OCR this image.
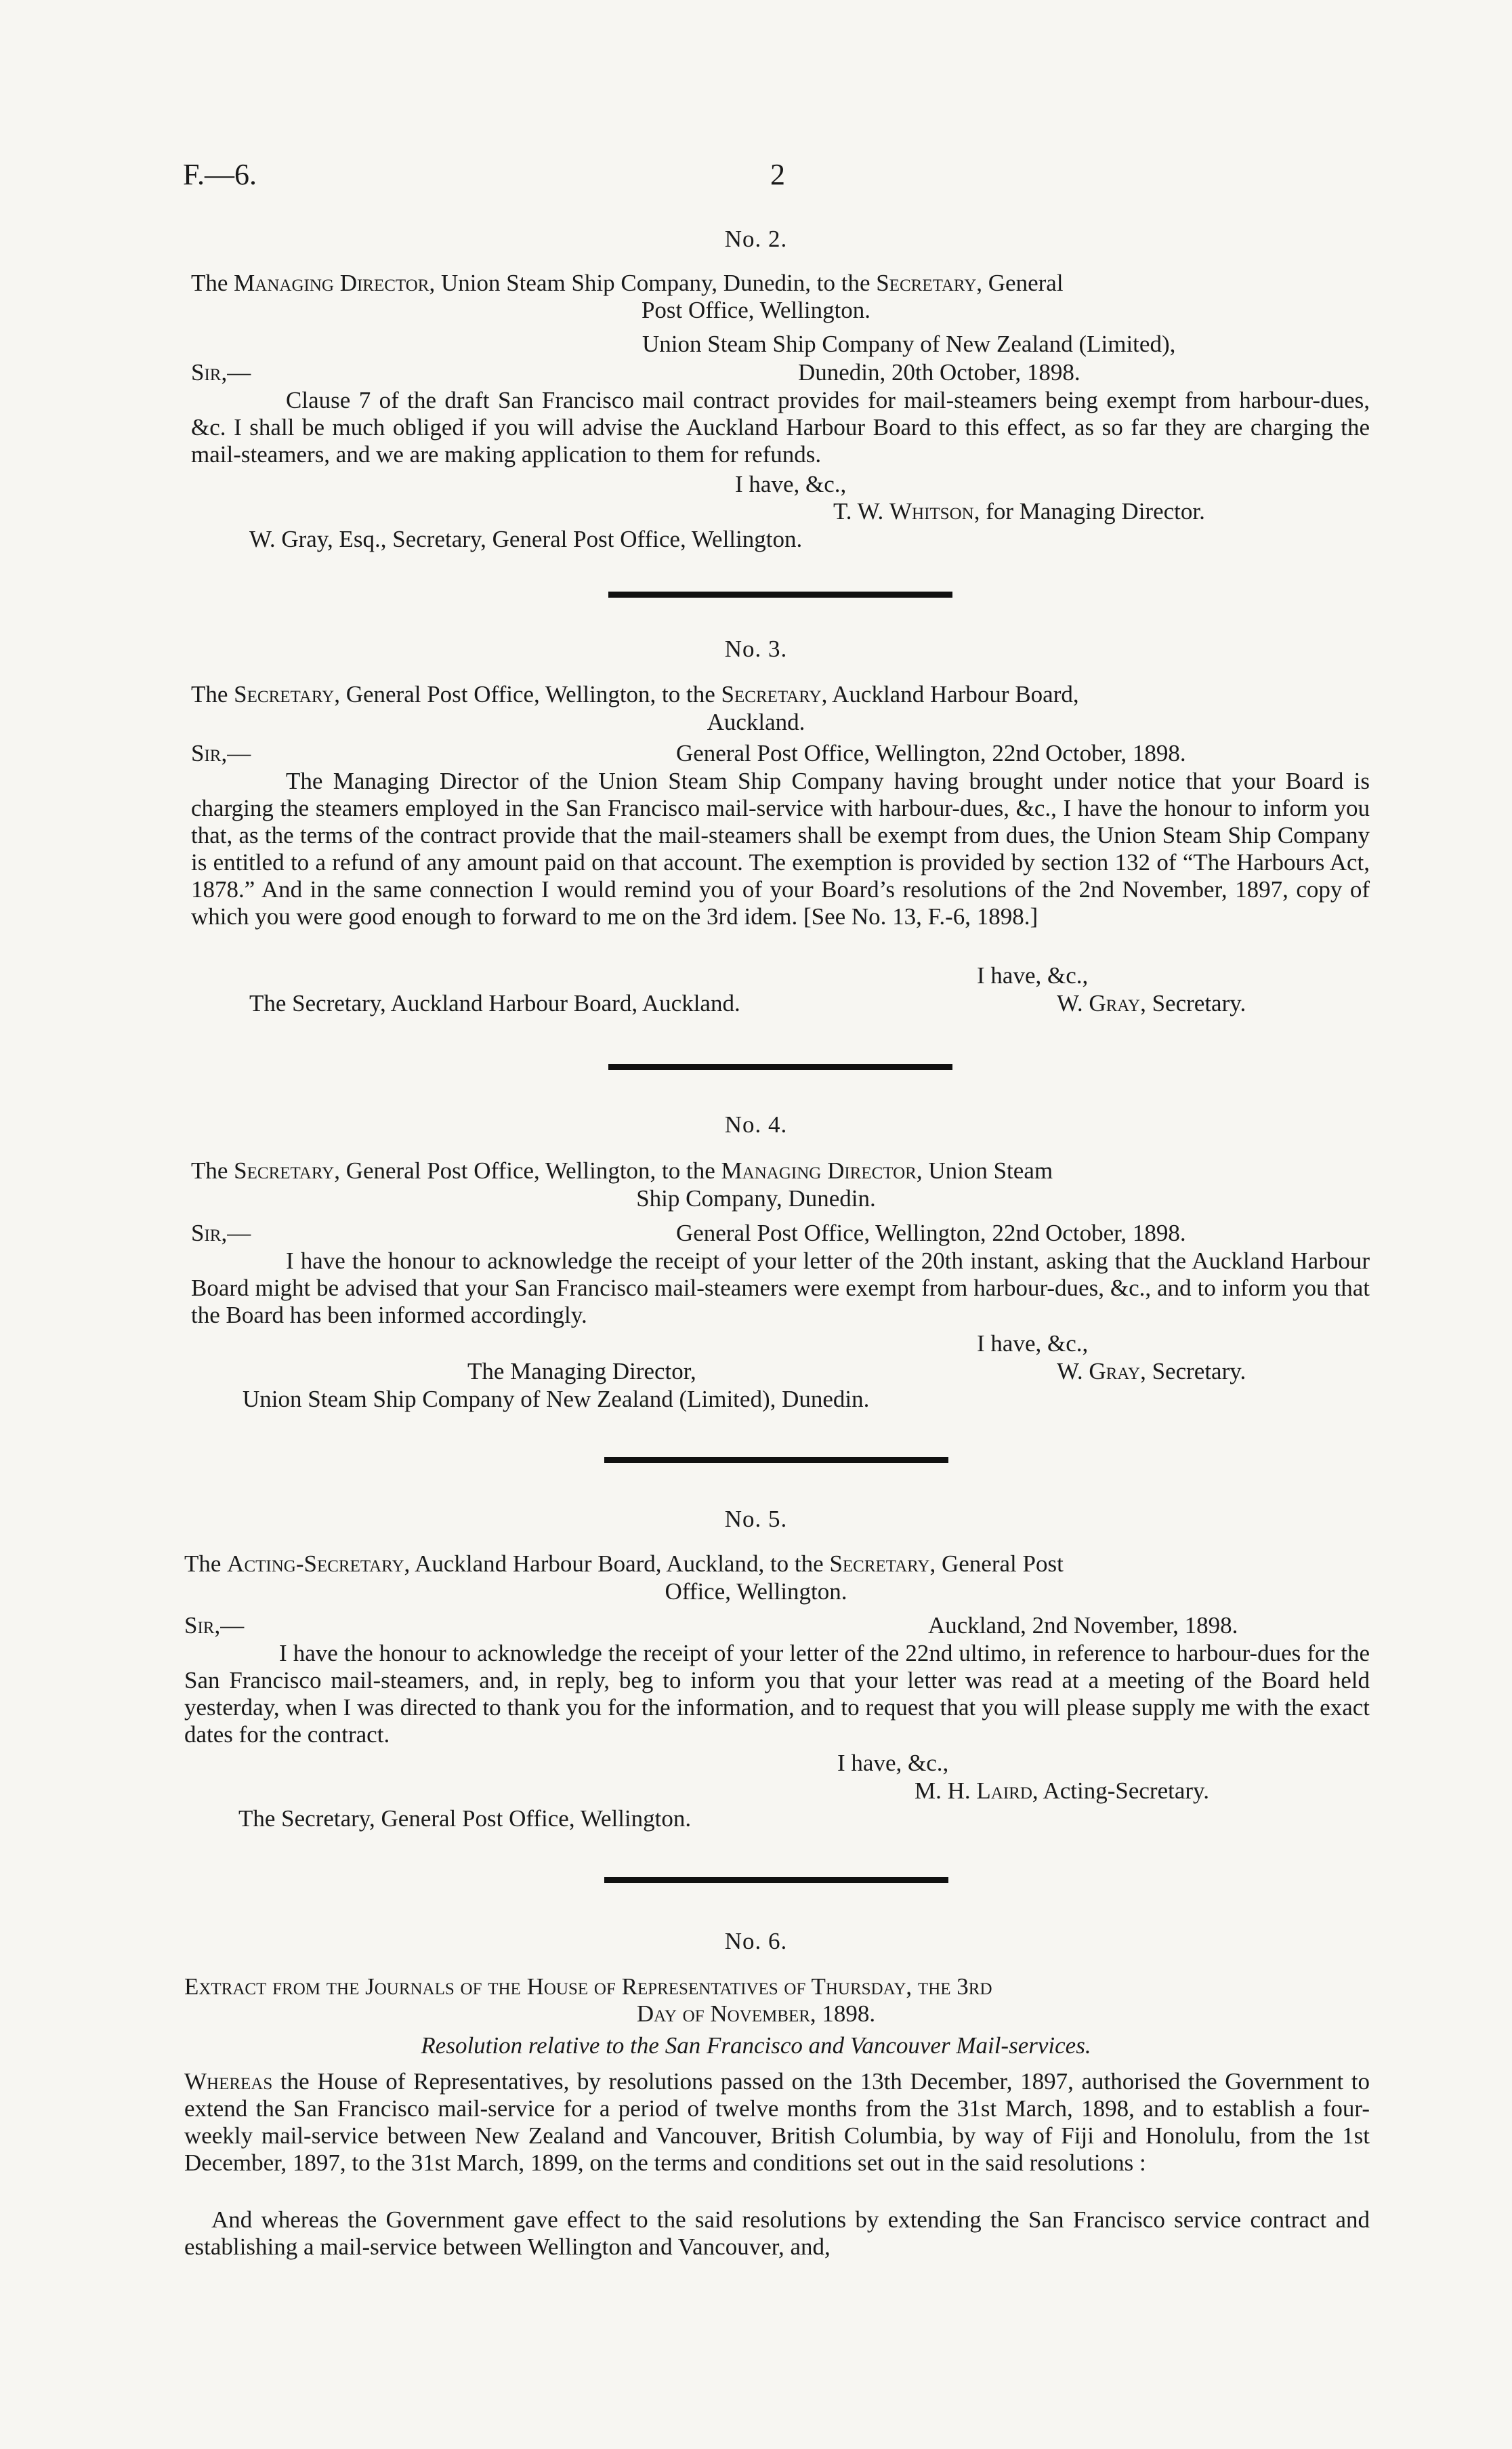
F.—6.	2
No. 2.

The Managing Director, Union Steam Ship Company, Dunedin, to the Secretary, General

Post Office, Wellington.
Union Steam Ship Company of New Zealand (Limited),
Sir,—	Dunedin, 20th October, 1898.

Clause 7 of the draft San Francisco mail contract provides for mail-steamers being exempt from harbour-dues, &c. I shall be much obliged if you will advise the Auckland Harbour Board to this effect, as so far they are charging the mail-steamers, and we are making application to them for refunds.

I have, &c.,
T. W. Whitson, for Managing Director.
W. Gray, Esq., Secretary, General Post Office, Wellington.
No. 3.

The Secretary, General Post Office, Wellington, to the Secretary, Auckland Harbour Board,

Auckland.
Sir,—	General Post Office, Wellington, 22nd October, 1898.

The Managing Director of the Union Steam Ship Company having brought under notice that your Board is charging the steamers employed in the San Francisco mail-service with harbour-dues, &c., I have the honour to inform you that, as the terms of the contract provide that the mail-steamers shall be exempt from dues, the Union Steam Ship Company is entitled to a refund of any amount paid on that account. The exemption is provided by section 132 of “The Harbours Act, 1878.” And in the same connection I would remind you of your Board’s resolutions of the 2nd November, 1897, copy of which you were good enough to forward to me on the 3rd idem. [See No. 13, F.-6, 1898.]

I have, &c.,
The Secretary, Auckland Harbour Board, Auckland.	W. Gray, Secretary.
No. 4.

The Secretary, General Post Office, Wellington, to the Managing Director, Union Steam

Ship Company, Dunedin.
Sir,—	General Post Office, Wellington, 22nd October, 1898.

I have the honour to acknowledge the receipt of your letter of the 20th instant, asking that the Auckland Harbour Board might be advised that your San Francisco mail-steamers were exempt from harbour-dues, &c., and to inform you that the Board has been informed accordingly.

I have, &c.,
The Managing Director,	W. Gray, Secretary.
Union Steam Ship Company of New Zealand (Limited), Dunedin.
No. 5.

The Acting-Secretary, Auckland Harbour Board, Auckland, to the Secretary, General Post

Office, Wellington.
Sir,—	Auckland, 2nd November, 1898.

I have the honour to acknowledge the receipt of your letter of the 22nd ultimo, in reference to harbour-dues for the San Francisco mail-steamers, and, in reply, beg to inform you that your letter was read at a meeting of the Board held yesterday, when I was directed to thank you for the information, and to request that you will please supply me with the exact dates for the contract.

I have, &c.,
M. H. Laird, Acting-Secretary.
The Secretary, General Post Office, Wellington.
No. 6.

Extract from the Journals of the House of Representatives of Thursday, the 3rd

Day of November, 1898.
Resolution relative to the San Francisco and Vancouver Mail-services.

Whereas the House of Representatives, by resolutions passed on the 13th December, 1897, authorised the Government to extend the San Francisco mail-service for a period of twelve months from the 31st March, 1898, and to establish a four-weekly mail-service between New Zealand and Vancouver, British Columbia, by way of Fiji and Honolulu, from the 1st December, 1897, to the 31st March, 1899, on the terms and conditions set out in the said resolutions :

And whereas the Government gave effect to the said resolutions by extending the San Francisco service contract and establishing a mail-service between Wellington and Vancouver, and,
